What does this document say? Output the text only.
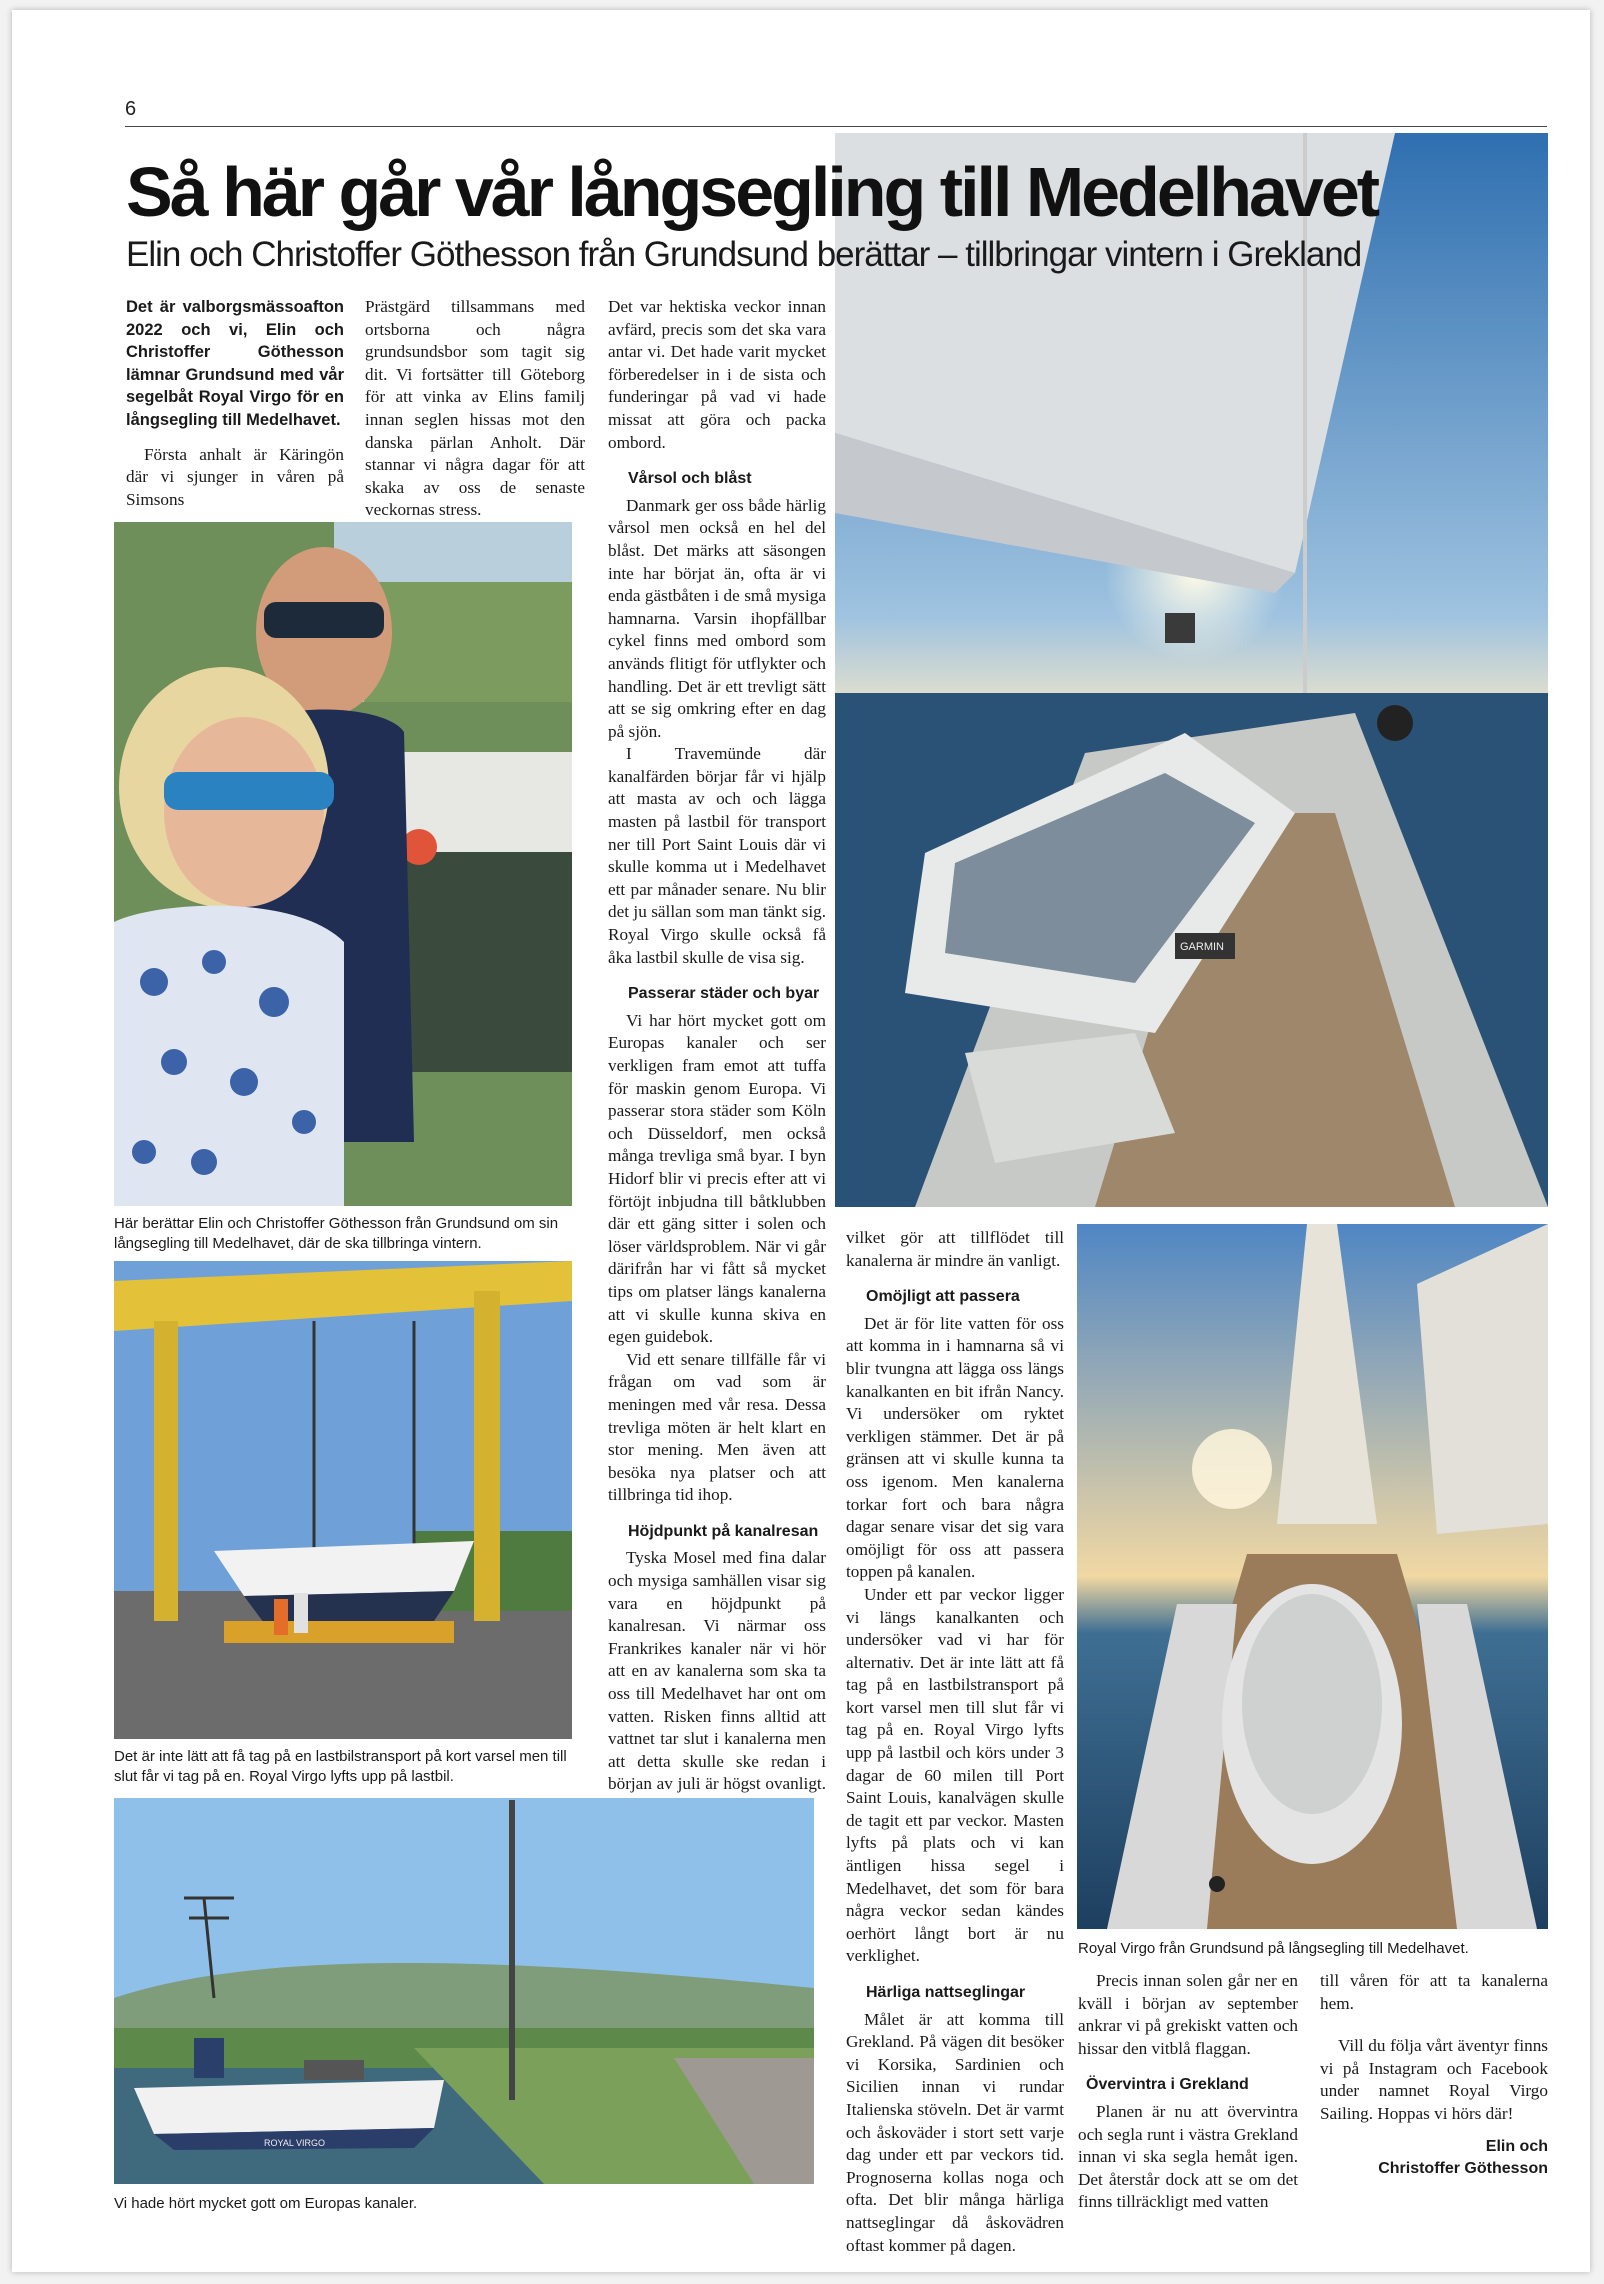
GARMIN
6
Så här går vår långsegling till Medelhavet
Elin och Christoffer Göthesson från Grundsund berättar – tillbringar vintern i Grekland

Det är valborgsmässoafton 2022 och vi, Elin och Christoffer Göthesson lämnar Grundsund med vår segelbåt Royal Virgo för en långsegling till Medelhavet.

Första anhalt är Käringön där vi sjunger in våren på Simsons

Prästgärd tillsammans med ortsborna och några grundsundsbor som tagit sig dit. Vi fortsätter till Göteborg för att vinka av Elins familj innan seglen hissas mot den danska pärlan Anholt. Där stannar vi några dagar för att skaka av oss de senaste veckornas stress.

Det var hektiska veckor innan avfärd, precis som det ska vara antar vi. Det hade varit mycket förberedelser in i de sista och funderingar på vad vi hade missat att göra och packa ombord.

Vårsol och blåst

Danmark ger oss både härlig vårsol men också en hel del blåst. Det märks att säsongen inte har börjat än, ofta är vi enda gästbåten i de små mysiga hamnarna. Varsin ihopfällbar cykel finns med ombord som används flitigt för utflykter och handling. Det är ett trevligt sätt att se sig omkring efter en dag på sjön.

I Travemünde där kanalfärden börjar får vi hjälp att masta av och och lägga masten på lastbil för transport ner till Port Saint Louis där vi skulle komma ut i Medelhavet ett par månader senare. Nu blir det ju sällan som man tänkt sig. Royal Virgo skulle också få åka lastbil skulle de visa sig.

Passerar städer och byar

Vi har hört mycket gott om Europas kanaler och ser verkligen fram emot att tuffa för maskin genom Europa. Vi passerar stora städer som Köln och Düsseldorf, men också många trevliga små byar. I byn Hidorf blir vi precis efter att vi förtöjt inbjudna till båtklubben där ett gäng sitter i solen och löser världsproblem. När vi går därifrån har vi fått så mycket tips om platser längs kanalerna att vi skulle kunna skiva en egen guidebok.

Vid ett senare tillfälle får vi frågan om vad som är meningen med vår resa. Dessa trevliga möten är helt klart en stor mening. Men även att besöka nya platser och att tillbringa tid ihop.

Höjdpunkt på kanalresan

Tyska Mosel med fina dalar och mysiga samhällen visar sig vara en höjdpunkt på kanalresan. Vi närmar oss Frankrikes kanaler när vi hör att en av kanalerna som ska ta oss till Medelhavet har ont om vatten. Risken finns alltid att vattnet tar slut i kanalerna men att detta skulle ske redan i början av juli är högst ovanligt.

Här berättar Elin och Christoffer Göthesson från Grundsund om sin långsegling till Medelhavet, där de ska tillbringa vintern.
Det är inte lätt att få tag på en lastbilstransport på kort varsel men till slut får vi tag på en. Royal Virgo lyfts upp på lastbil.
ROYAL VIRGO
Vi hade hört mycket gott om Europas kanaler.

vilket gör att tillflödet till kanalerna är mindre än vanligt.

Omöjligt att passera

Det är för lite vatten för oss att komma in i hamnarna så vi blir tvungna att lägga oss längs kanalkanten en bit ifrån Nancy. Vi undersöker om ryktet verkligen stämmer. Det är på gränsen att vi skulle kunna ta oss igenom. Men kanalerna torkar fort och bara några dagar senare visar det sig vara omöjligt för oss att passera toppen på kanalen.

Under ett par veckor ligger vi längs kanalkanten och undersöker vad vi har för alternativ. Det är inte lätt att få tag på en lastbilstransport på kort varsel men till slut får vi tag på en. Royal Virgo lyfts upp på lastbil och körs under 3 dagar de 60 milen till Port Saint Louis, kanalvägen skulle de tagit ett par veckor. Masten lyfts på plats och vi kan äntligen hissa segel i Medelhavet, det som för bara några veckor sedan kändes oerhört långt bort är nu verklighet.

Härliga nattseglingar

Målet är att komma till Grekland. På vägen dit besöker vi Korsika, Sardinien och Sicilien innan vi rundar Italienska stöveln. Det är varmt och åskoväder i stort sett varje dag under ett par veckors tid. Prognoserna kollas noga och ofta. Det blir många härliga nattseglingar då åskovädren oftast kommer på dagen.

Royal Virgo från Grundsund på långsegling till Medelhavet.

Precis innan solen går ner en kväll i början av september ankrar vi på grekiskt vatten och hissar den vitblå flaggan.

Övervintra i Grekland

Planen är nu att övervintra och segla runt i västra Grekland innan vi ska segla hemåt igen. Det återstår dock att se om det finns tillräckligt med vatten

till våren för att ta kanalerna hem.

Vill du följa vårt äventyr finns vi på Instagram och Facebook under namnet Royal Virgo Sailing. Hoppas vi hörs där!

Elin och
Christoffer Göthesson
